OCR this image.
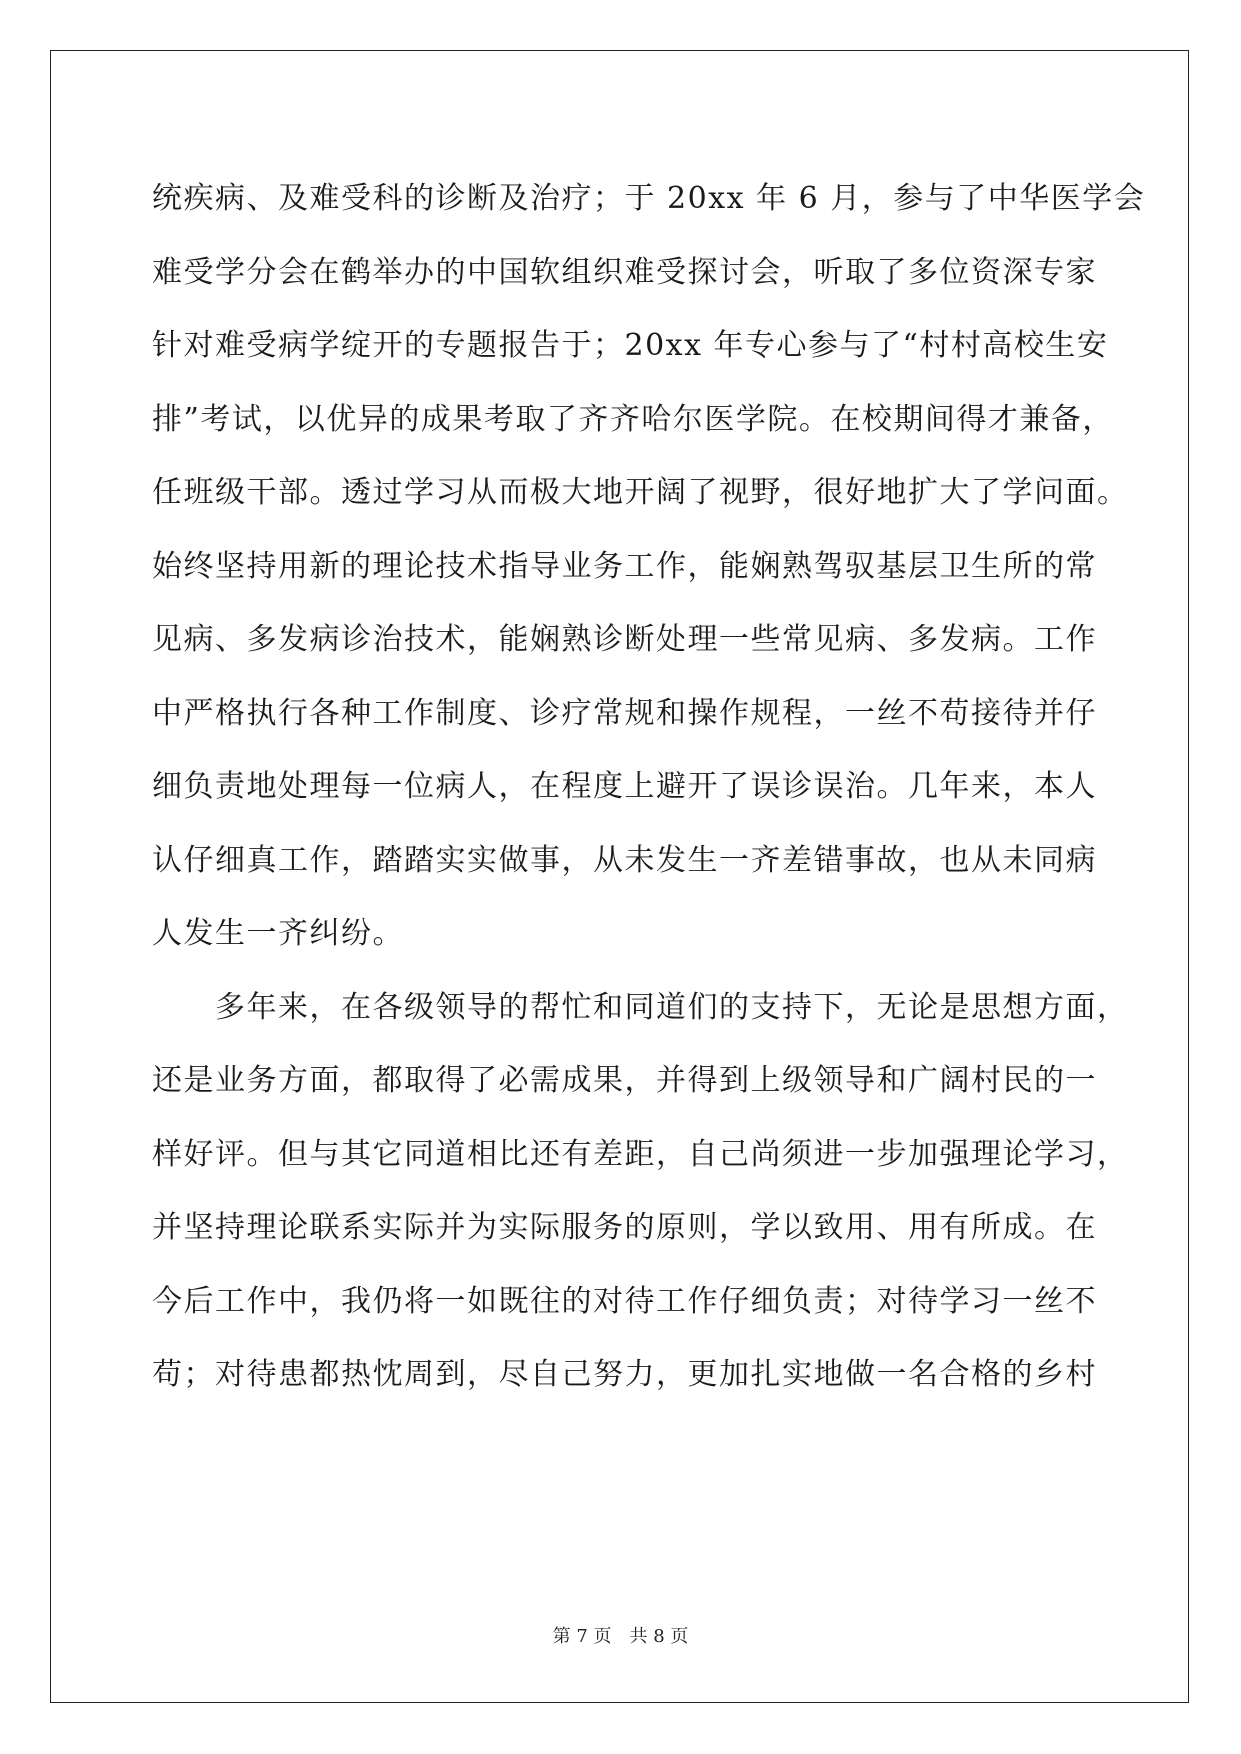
统疾病、及难受科的诊断及治疗；于 20xx 年 6 月，参与了中华医学会
难受学分会在鹤举办的中国软组织难受探讨会，听取了多位资深专家
针对难受病学绽开的专题报告于；20xx 年专心参与了“村村高校生安
排”考试，以优异的成果考取了齐齐哈尔医学院。在校期间得才兼备，
任班级干部。透过学习从而极大地开阔了视野，很好地扩大了学问面。
始终坚持用新的理论技术指导业务工作，能娴熟驾驭基层卫生所的常
见病、多发病诊治技术，能娴熟诊断处理一些常见病、多发病。工作
中严格执行各种工作制度、诊疗常规和操作规程，一丝不苟接待并仔
细负责地处理每一位病人，在程度上避开了误诊误治。几年来，本人
认仔细真工作，踏踏实实做事，从未发生一齐差错事故，也从未同病
人发生一齐纠纷。
多年来，在各级领导的帮忙和同道们的支持下，无论是思想方面，
还是业务方面，都取得了必需成果，并得到上级领导和广阔村民的一
样好评。但与其它同道相比还有差距，自己尚须进一步加强理论学习，
并坚持理论联系实际并为实际服务的原则，学以致用、用有所成。在
今后工作中，我仍将一如既往的对待工作仔细负责；对待学习一丝不
苟；对待患都热忱周到，尽自己努力，更加扎实地做一名合格的乡村
第 7 页　共 8 页
